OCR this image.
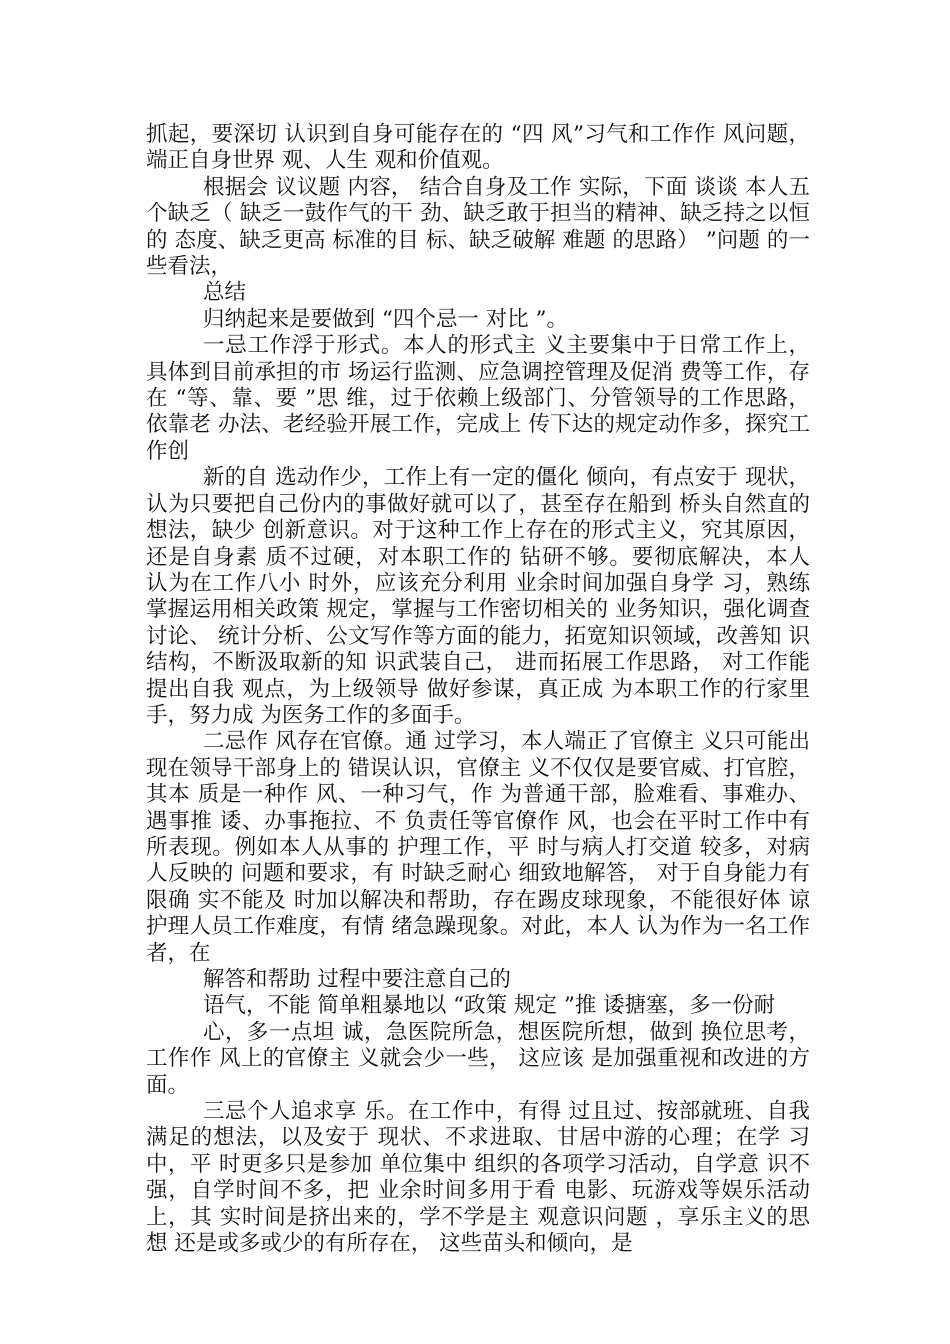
抓起，要深切 认识到自身可能存在的 “四 风”习气和工作作 风问题，端正自身世界 观、人生 观和价值观。

根据会 议议题 内容， 结合自身及工作 实际，下面 谈谈 本人五个缺乏（ 缺乏一鼓作气的干 劲、缺乏敢于担当的精神、缺乏持之以恒的 态度、缺乏更高 标准的目 标、缺乏破解 难题 的思路） ”问题 的一些看法，

总结

归纳起来是要做到 “四个忌一 对比 ”。

一忌工作浮于形式。本人的形式主 义主要集中于日常工作上，具体到目前承担的市 场运行监测、应急调控管理及促消 费等工作，存在 “等、靠、要 ”思 维，过于依赖上级部门、分管领导的工作思路，依靠老 办法、老经验开展工作，完成上 传下达的规定动作多，探究工作创

新的自 选动作少，工作上有一定的僵化 倾向，有点安于 现状，认为只要把自己份内的事做好就可以了，甚至存在船到 桥头自然直的想法，缺少 创新意识。对于这种工作上存在的形式主义，究其原因， 还是自身素 质不过硬，对本职工作的 钻研不够。要彻底解决，本人 认为在工作八小 时外，应该充分利用 业余时间加强自身学 习，熟练掌握运用相关政策 规定，掌握与工作密切相关的 业务知识，强化调查讨论、 统计分析、公文写作等方面的能力，拓宽知识领域，改善知 识结构，不断汲取新的知 识武装自己， 进而拓展工作思路， 对工作能提出自我 观点，为上级领导 做好参谋，真正成 为本职工作的行家里手，努力成 为医务工作的多面手。

二忌作 风存在官僚。通 过学习，本人端正了官僚主 义只可能出 现在领导干部身上的 错误认识，官僚主 义不仅仅是要官威、打官腔，其本 质是一种作 风、一种习气，作 为普通干部，脸难看、事难办、遇事推 诿、办事拖拉、不 负责任等官僚作 风，也会在平时工作中有所表现。例如本人从事的 护理工作，平 时与病人打交道 较多，对病人反映的 问题和要求，有 时缺乏耐心 细致地解答， 对于自身能力有限确 实不能及 时加以解决和帮助，存在踢皮球现象，不能很好体 谅护理人员工作难度，有情 绪急躁现象。对此，本人 认为作为一名工作者，在

解答和帮助 过程中要注意自己的

语气，不能 简单粗暴地以 “政策 规定 ”推 诿搪塞，多一份耐

心，多一点坦 诚，急医院所急，想医院所想，做到 换位思考，工作作 风上的官僚主 义就会少一些， 这应该 是加强重视和改进的方面。

三忌个人追求享 乐。在工作中，有得 过且过、按部就班、自我 满足的想法，以及安于 现状、不求进取、甘居中游的心理；在学 习中，平 时更多只是参加 单位集中 组织的各项学习活动，自学意 识不强，自学时间不多，把 业余时间多用于看 电影、玩游戏等娱乐活动上，其 实时间是挤出来的，学不学是主 观意识问题 ，享乐主义的思想 还是或多或少的有所存在， 这些苗头和倾向，是
